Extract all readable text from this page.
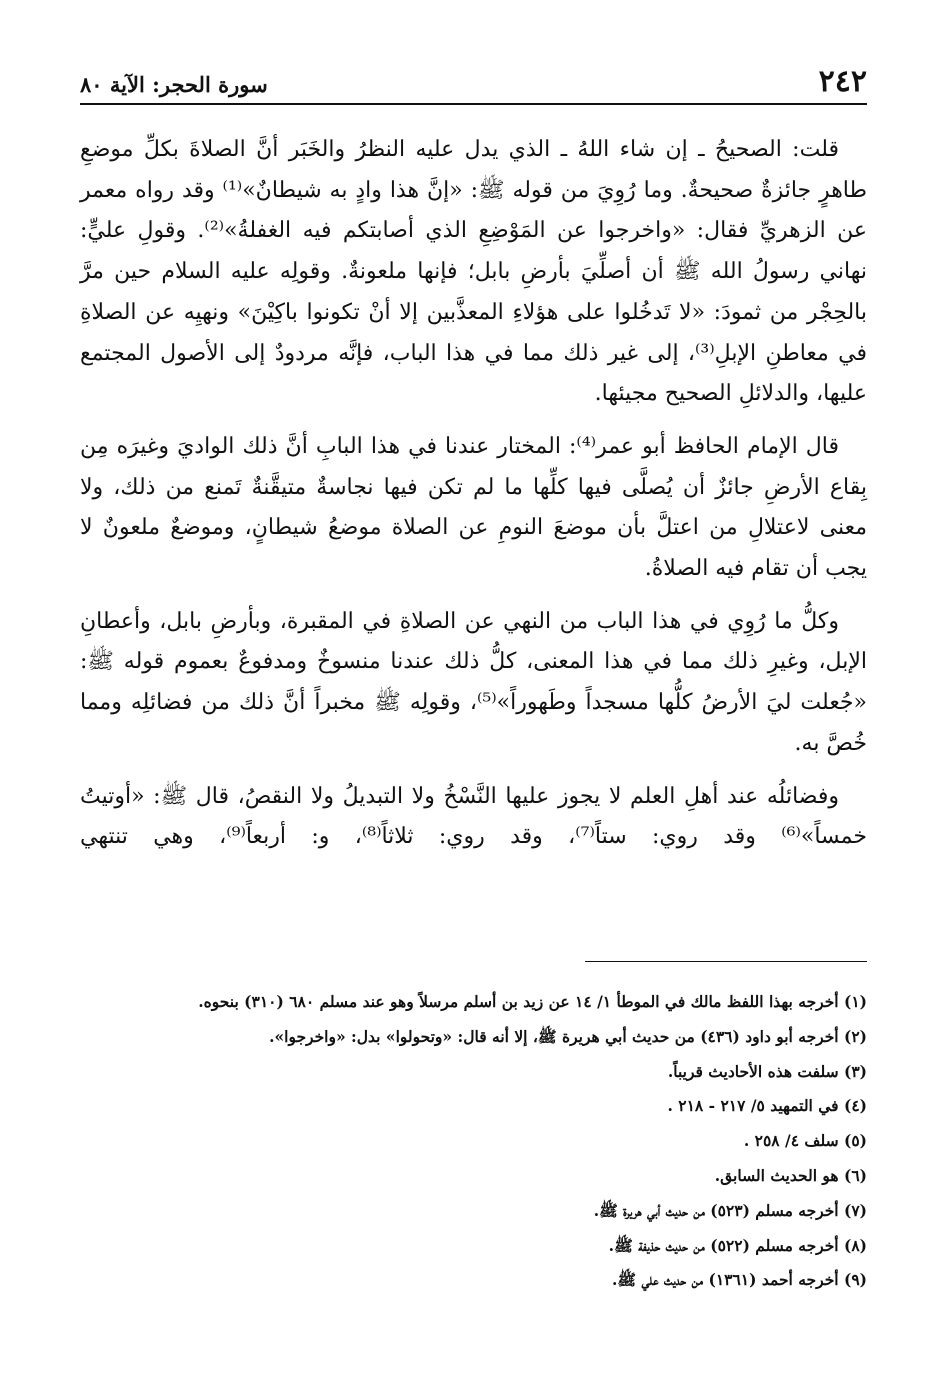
٢٤٢
سورة الحجر: الآية ٨٠

قلت: الصحيحُ ـ إن شاء اللهُ ـ الذي يدل عليه النظرُ والخَبَر أنَّ الصلاةَ بكلِّ موضعِ طاهرٍ جائزةٌ صحيحةٌ. وما رُوِيَ من قوله ﷺ: «إنَّ هذا وادٍ به شيطانٌ»⁽¹⁾ وقد رواه معمر عن الزهريِّ فقال: «واخرجوا عن المَوْضِعِ الذي أصابتكم فيه الغفلةُ»⁽²⁾. وقولِ عليٍّ: نهاني رسولُ الله ﷺ أن أصلِّيَ بأرضِ بابل؛ فإنها ملعونةٌ. وقولِه عليه السلام حين مرَّ بالحِجْر من ثمودَ: «لا تَدخُلوا على هؤلاءِ المعذَّبين إلا أنْ تكونوا باكِيْنَ» ونهيِه عن الصلاةِ في معاطنِ الإبلِ⁽³⁾، إلى غير ذلك مما في هذا الباب، فإنَّه مردودٌ إلى الأصول المجتمع عليها، والدلائلِ الصحيح مجيئها.

قال الإمام الحافظ أبو عمر⁽⁴⁾: المختار عندنا في هذا البابِ أنَّ ذلك الواديَ وغيرَه مِن بِقاع الأرضِ جائزٌ أن يُصلَّى فيها كلِّها ما لم تكن فيها نجاسةٌ متيقَّنةٌ تَمنع من ذلك، ولا معنى لاعتلالِ من اعتلَّ بأن موضعَ النومِ عن الصلاة موضعُ شيطانٍ، وموضعٌ ملعونٌ لا يجب أن تقام فيه الصلاةُ.

وكلُّ ما رُوِي في هذا الباب من النهي عن الصلاةِ في المقبرة، وبأرضِ بابل، وأعطانِ الإبل، وغيرِ ذلك مما في هذا المعنى، كلُّ ذلك عندنا منسوخٌ ومدفوعٌ بعموم قوله ﷺ: «جُعلت ليَ الأرضُ كلُّها مسجداً وطَهوراً»⁽⁵⁾، وقولِه ﷺ مخبراً أنَّ ذلك من فضائلِه ومما خُصَّ به.

وفضائلُه عند أهلِ العلم لا يجوز عليها النَّسْخُ ولا التبديلُ ولا النقصُ، قال ﷺ: «أوتيتُ خمساً»⁽⁶⁾ وقد روي: ستاً⁽⁷⁾، وقد روي: ثلاثاً⁽⁸⁾، و: أربعاً⁽⁹⁾، وهي تنتهي

(١) أخرجه بهذا اللفظ مالك في الموطأ ١/ ١٤ عن زيد بن أسلم مرسلاً وهو عند مسلم ٦٨٠ (٣١٠) بنحوه.

(٢) أخرجه أبو داود (٤٣٦) من حديث أبي هريرة ﷺ، إلا أنه قال: «وتحولوا» بدل: «واخرجوا».

(٣) سلفت هذه الأحاديث قريباً.

(٤) في التمهيد ٥/ ٢١٧ - ٢١٨ .

(٥) سلف ٤/ ٢٥٨ .

(٦) هو الحديث السابق.

(٧) أخرجه مسلم (٥٢٣) من حديث أبي هريرة ﷺ.

(٨) أخرجه مسلم (٥٢٢) من حديث حذيفة ﷺ.

(٩) أخرجه أحمد (١٣٦١) من حديث علي ﷺ.
